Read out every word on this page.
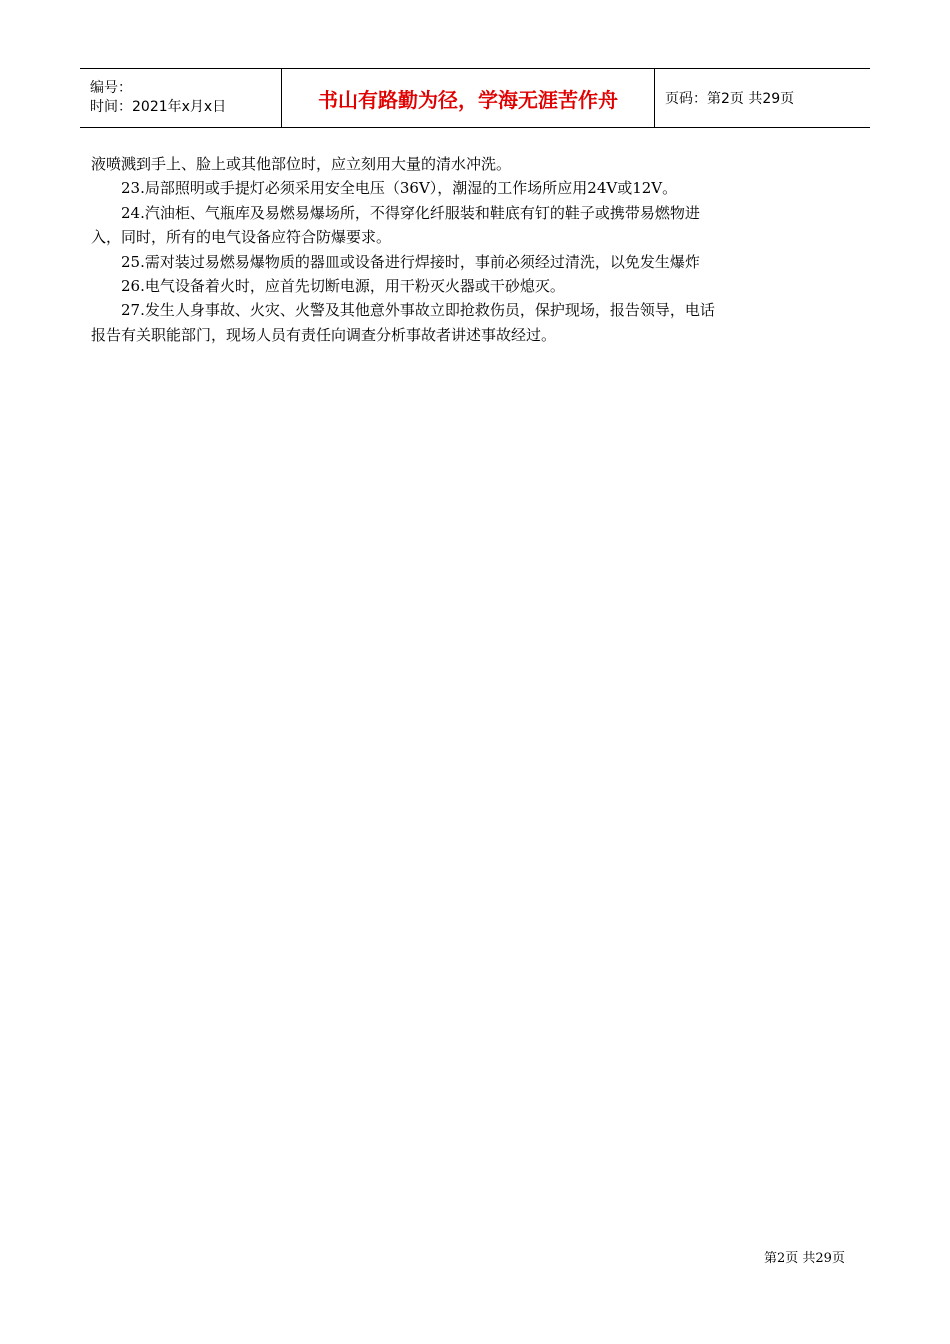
编号：
时间：2021年x月x日	书山有路勤为径，学海无涯苦作舟	页码：第2页 共29页

液喷溅到手上、脸上或其他部位时，应立刻用大量的清水冲洗。

23.局部照明或手提灯必须采用安全电压（36V），潮湿的工作场所应用24V或12V。

24.汽油柜、气瓶库及易燃易爆场所，不得穿化纤服装和鞋底有钉的鞋子或携带易燃物进

入，同时，所有的电气设备应符合防爆要求。

25.需对装过易燃易爆物质的器皿或设备进行焊接时，事前必须经过清洗，以免发生爆炸

26.电气设备着火时，应首先切断电源，用干粉灭火器或干砂熄灭。

27.发生人身事故、火灾、火警及其他意外事故立即抢救伤员，保护现场，报告领导，电话

报告有关职能部门，现场人员有责任向调查分析事故者讲述事故经过。

第2页 共29页
